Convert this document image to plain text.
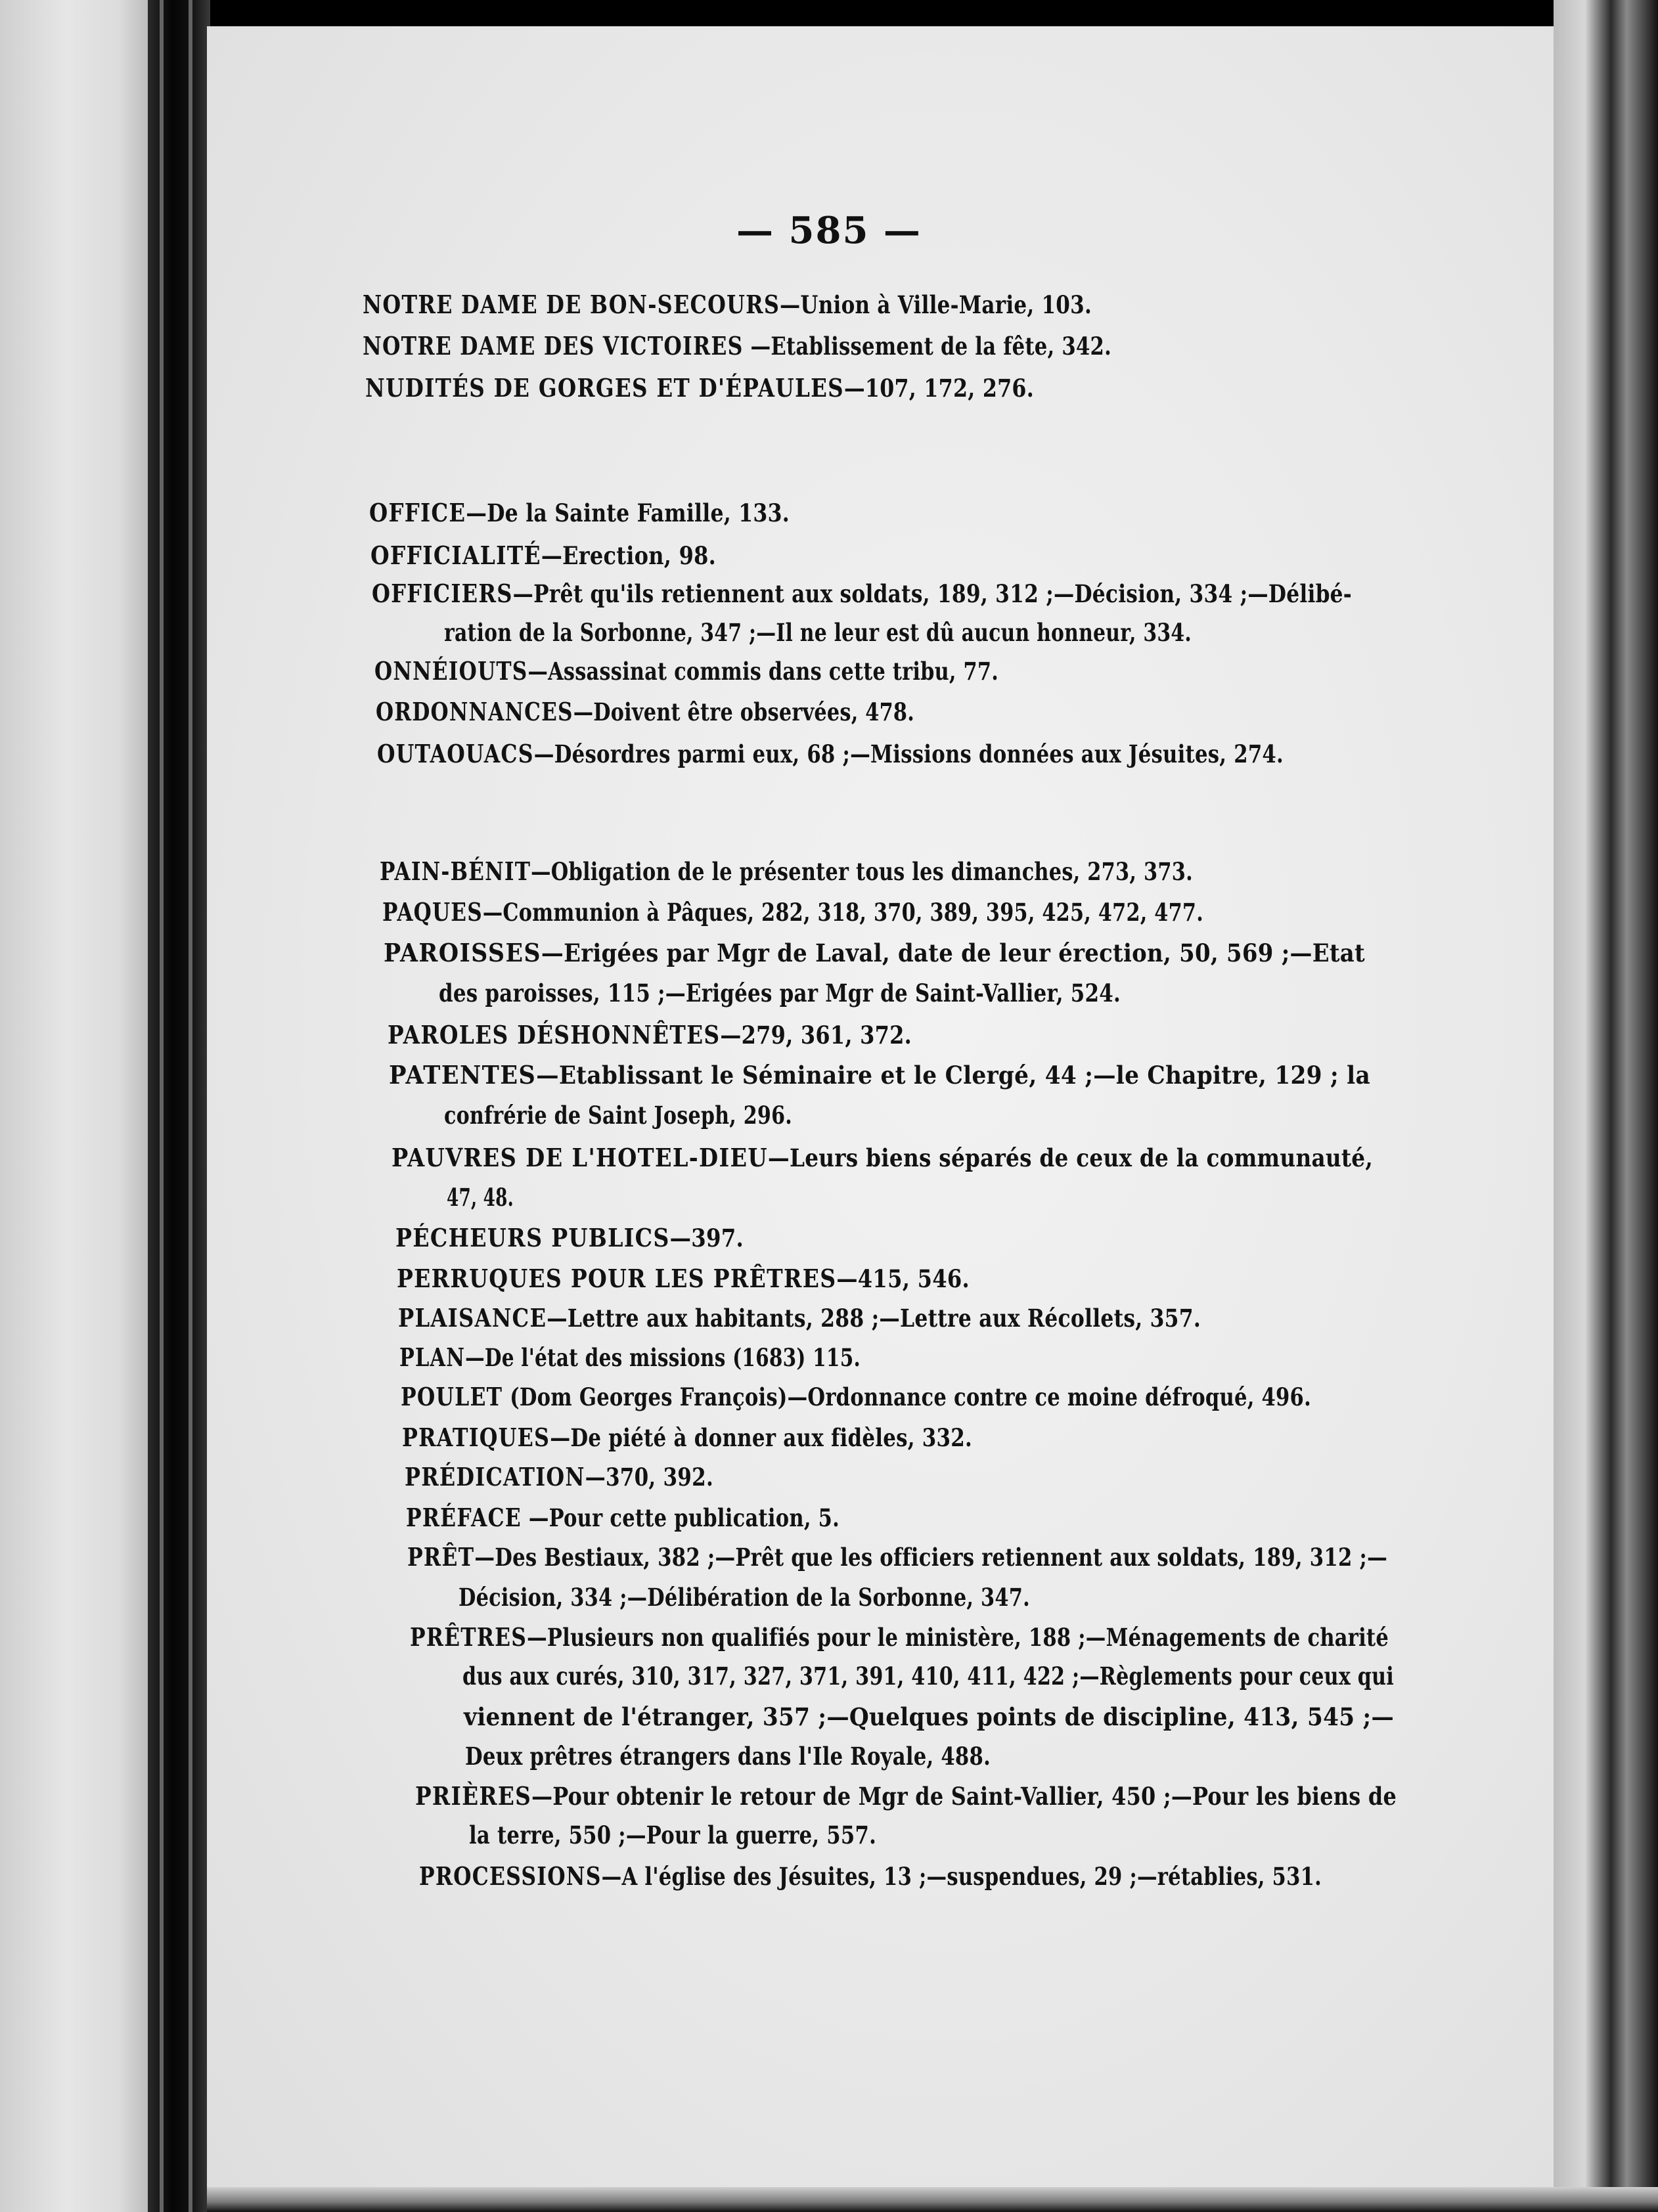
— 585 —
NOTRE DAME DE BON-SECOURS—Union à Ville-Marie, 103.
NOTRE DAME DES VICTOIRES —Etablissement de la fête, 342.
NUDITÉS DE GORGES ET D'ÉPAULES—107, 172, 276.
OFFICE—De la Sainte Famille, 133.
OFFICIALITÉ—Erection, 98.
OFFICIERS—Prêt qu'ils retiennent aux soldats, 189, 312 ;—Décision, 334 ;—Délibé-
ration de la Sorbonne, 347 ;—Il ne leur est dû aucun honneur, 334.
ONNÉIOUTS—Assassinat commis dans cette tribu, 77.
ORDONNANCES—Doivent être observées, 478.
OUTAOUACS—Désordres parmi eux, 68 ;—Missions données aux Jésuites, 274.
PAIN-BÉNIT—Obligation de le présenter tous les dimanches, 273, 373.
PAQUES—Communion à Pâques, 282, 318, 370, 389, 395, 425, 472, 477.
PAROISSES—Erigées par Mgr de Laval, date de leur érection, 50, 569 ;—Etat
des paroisses, 115 ;—Erigées par Mgr de Saint-Vallier, 524.
PAROLES DÉSHONNÊTES—279, 361, 372.
PATENTES—Etablissant le Séminaire et le Clergé, 44 ;—le Chapitre, 129 ; la
confrérie de Saint Joseph, 296.
PAUVRES DE L'HOTEL-DIEU—Leurs biens séparés de ceux de la communauté,
47, 48.
PÉCHEURS PUBLICS—397.
PERRUQUES POUR LES PRÊTRES—415, 546.
PLAISANCE—Lettre aux habitants, 288 ;—Lettre aux Récollets, 357.
PLAN—De l'état des missions (1683) 115.
POULET (Dom Georges François)—Ordonnance contre ce moine défroqué, 496.
PRATIQUES—De piété à donner aux fidèles, 332.
PRÉDICATION—370, 392.
PRÉFACE —Pour cette publication, 5.
PRÊT—Des Bestiaux, 382 ;—Prêt que les officiers retiennent aux soldats, 189, 312 ;—
Décision, 334 ;—Délibération de la Sorbonne, 347.
PRÊTRES—Plusieurs non qualifiés pour le ministère, 188 ;—Ménagements de charité
dus aux curés, 310, 317, 327, 371, 391, 410, 411, 422 ;—Règlements pour ceux qui
viennent de l'étranger, 357 ;—Quelques points de discipline, 413, 545 ;—
Deux prêtres étrangers dans l'Ile Royale, 488.
PRIÈRES—Pour obtenir le retour de Mgr de Saint-Vallier, 450 ;—Pour les biens de
la terre, 550 ;—Pour la guerre, 557.
PROCESSIONS—A l'église des Jésuites, 13 ;—suspendues, 29 ;—rétablies, 531.
